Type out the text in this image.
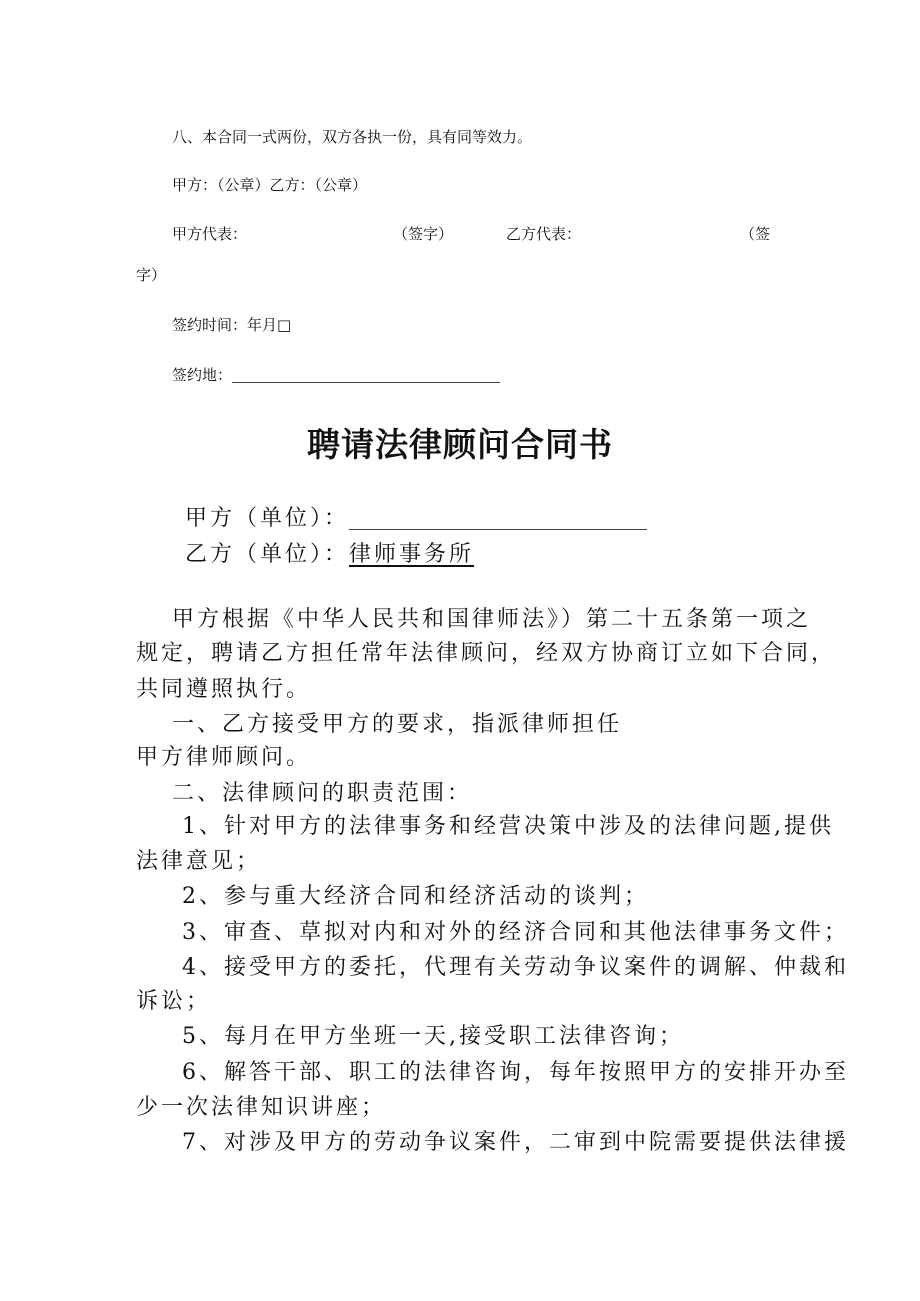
八、本合同一式两份，双方各执一份，具有同等效力。
甲方：（公章）乙方：（公章）
甲方代表：	（签字）	乙方代表：	（签
字）
签约时间：年月□
签约地：
聘请法律顾问合同书
甲方（单位）：
乙方（单位）：律师事务所
甲方根据《中华人民共和国律师法》）第二十五条第一项之
规定，聘请乙方担任常年法律顾问，经双方协商订立如下合同，
共同遵照执行。
一、乙方接受甲方的要求，指派律师担任
甲方律师顾问。
二、法律顾问的职责范围：
1、针对甲方的法律事务和经营决策中涉及的法律问题,提供
法律意见；
2、参与重大经济合同和经济活动的谈判；
3、审查、草拟对内和对外的经济合同和其他法律事务文件；
4、接受甲方的委托，代理有关劳动争议案件的调解、仲裁和
诉讼；
5、每月在甲方坐班一天,接受职工法律咨询；
6、解答干部、职工的法律咨询，每年按照甲方的安排开办至
少一次法律知识讲座；
7、对涉及甲方的劳动争议案件，二审到中院需要提供法律援
